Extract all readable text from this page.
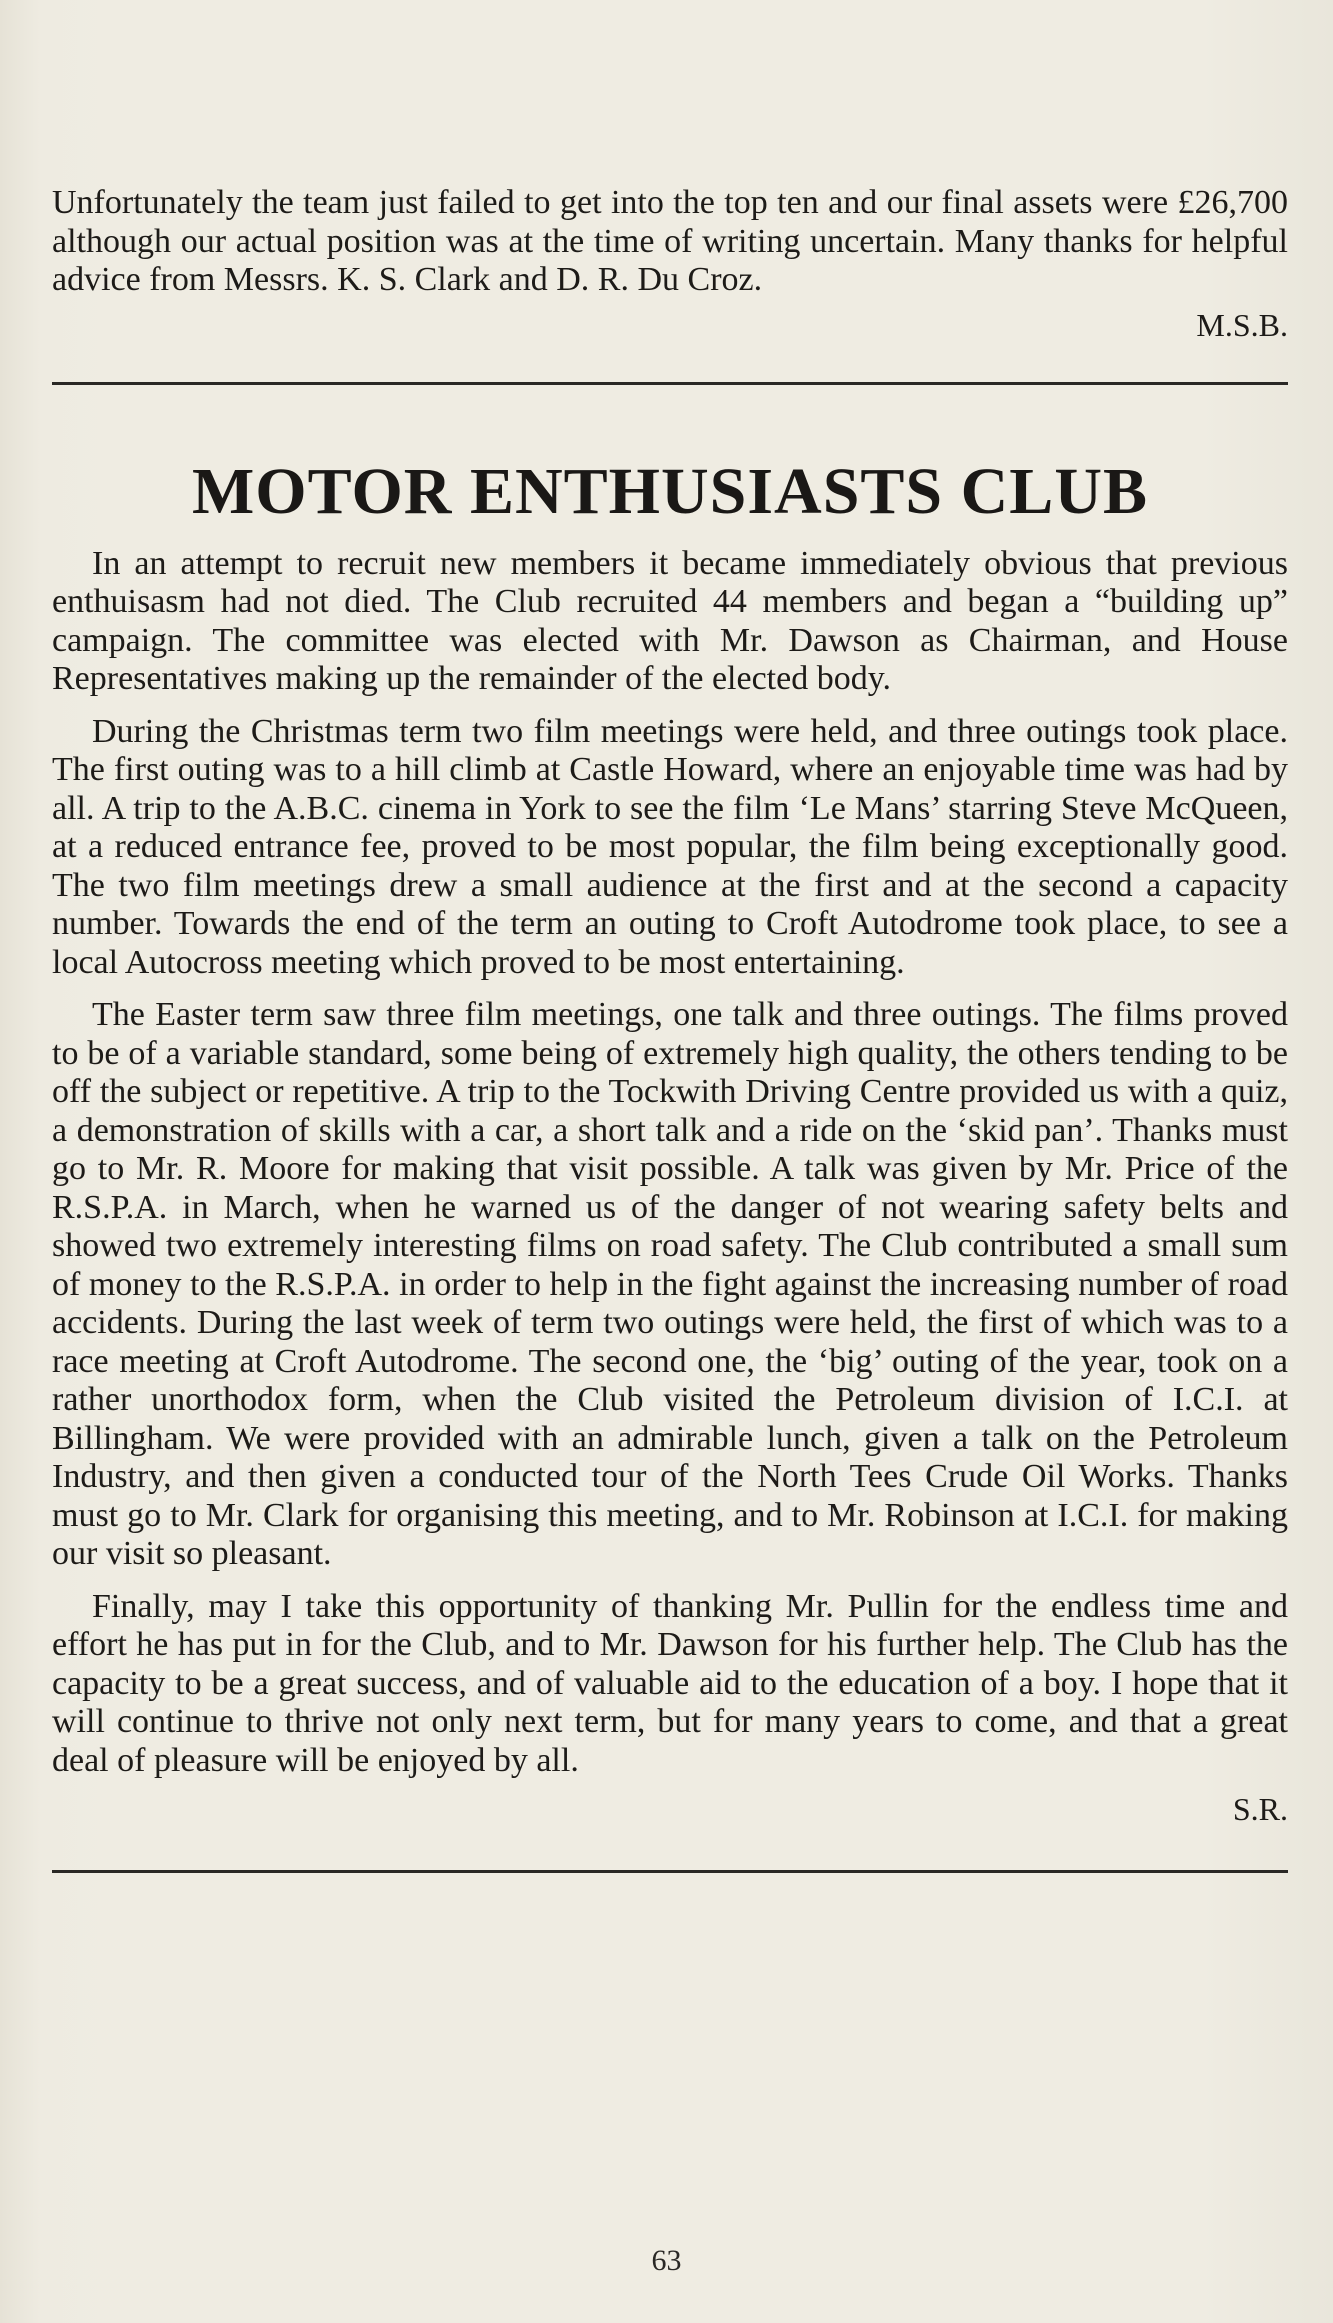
Unfortunately the team just failed to get into the top ten and our final assets were £26,700 although our actual position was at the time of writing uncertain. Many thanks for helpful advice from Messrs. K. S. Clark and D. R. Du Croz.

M.S.B.
MOTOR ENTHUSIASTS CLUB

In an attempt to recruit new members it became immediately obvious that previous enthuisasm had not died. The Club recruited 44 members and began a “building up” campaign. The committee was elected with Mr. Dawson as Chairman, and House Representatives making up the remainder of the elected body.

During the Christmas term two film meetings were held, and three outings took place. The first outing was to a hill climb at Castle Howard, where an enjoyable time was had by all. A trip to the A.B.C. cinema in York to see the film ‘Le Mans’ starring Steve McQueen, at a reduced entrance fee, proved to be most popular, the film being exceptionally good. The two film meetings drew a small audience at the first and at the second a capacity number. Towards the end of the term an outing to Croft Autodrome took place, to see a local Autocross meeting which proved to be most entertaining.

The Easter term saw three film meetings, one talk and three outings. The films proved to be of a variable standard, some being of extremely high quality, the others tending to be off the subject or repetitive. A trip to the Tockwith Driving Centre provided us with a quiz, a demonstration of skills with a car, a short talk and a ride on the ‘skid pan’. Thanks must go to Mr. R. Moore for making that visit possible. A talk was given by Mr. Price of the R.S.P.A. in March, when he warned us of the danger of not wearing safety belts and showed two extremely interesting films on road safety. The Club contributed a small sum of money to the R.S.P.A. in order to help in the fight against the increasing number of road accidents. During the last week of term two outings were held, the first of which was to a race meeting at Croft Autodrome. The second one, the ‘big’ outing of the year, took on a rather unorthodox form, when the Club visited the Petroleum division of I.C.I. at Billingham. We were provided with an admirable lunch, given a talk on the Petroleum Industry, and then given a conducted tour of the North Tees Crude Oil Works. Thanks must go to Mr. Clark for organising this meeting, and to Mr. Robinson at I.C.I. for making our visit so pleasant.

Finally, may I take this opportunity of thanking Mr. Pullin for the endless time and effort he has put in for the Club, and to Mr. Dawson for his further help. The Club has the capacity to be a great success, and of valuable aid to the education of a boy. I hope that it will continue to thrive not only next term, but for many years to come, and that a great deal of pleasure will be enjoyed by all.

S.R.
63
